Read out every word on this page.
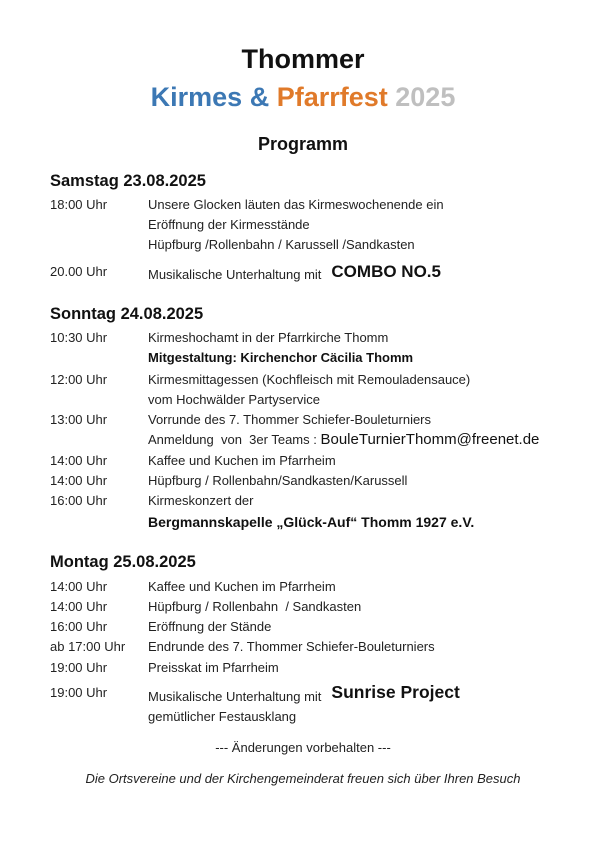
Thommer
Kirmes & Pfarrfest 2025
Programm
Samstag 23.08.2025
18:00 Uhr	Unsere Glocken läuten das Kirmeswochenende ein
Eröffnung der Kirmesstände
Hüpfburg /Rollenbahn / Karussell /Sandkasten
20.00 Uhr	Musikalische Unterhaltung mit COMBO NO.5
Sonntag 24.08.2025
10:30 Uhr	Kirmeshochamt in der Pfarrkirche Thomm
Mitgestaltung: Kirchenchor Cäcilia Thomm
12:00 Uhr	Kirmesmittagessen (Kochfleisch mit Remouladensauce)
vom Hochwälder Partyservice
13:00 Uhr	Vorrunde des 7. Thommer Schiefer-Bouleturniers
Anmeldung  von  3er Teams : BouleTurnierThomm@freenet.de
14:00 Uhr	Kaffee und Kuchen im Pfarrheim
14:00 Uhr	Hüpfburg / Rollenbahn/Sandkasten/Karussell
16:00 Uhr	Kirmeskonzert der
Bergmannskapelle „Glück-Auf“ Thomm 1927 e.V.
Montag 25.08.2025
14:00 Uhr	Kaffee und Kuchen im Pfarrheim
14:00 Uhr	Hüpfburg / Rollenbahn  / Sandkasten
16:00 Uhr	Eröffnung der Stände
ab 17:00 Uhr Endrunde des 7. Thommer Schiefer-Bouleturniers
19:00 Uhr	Preisskat im Pfarrheim
19:00 Uhr	Musikalische Unterhaltung mit Sunrise Project
gemütlicher Festausklang
--- Änderungen vorbehalten ---
Die Ortsvereine und der Kirchengemeinderat freuen sich über Ihren Besuch
